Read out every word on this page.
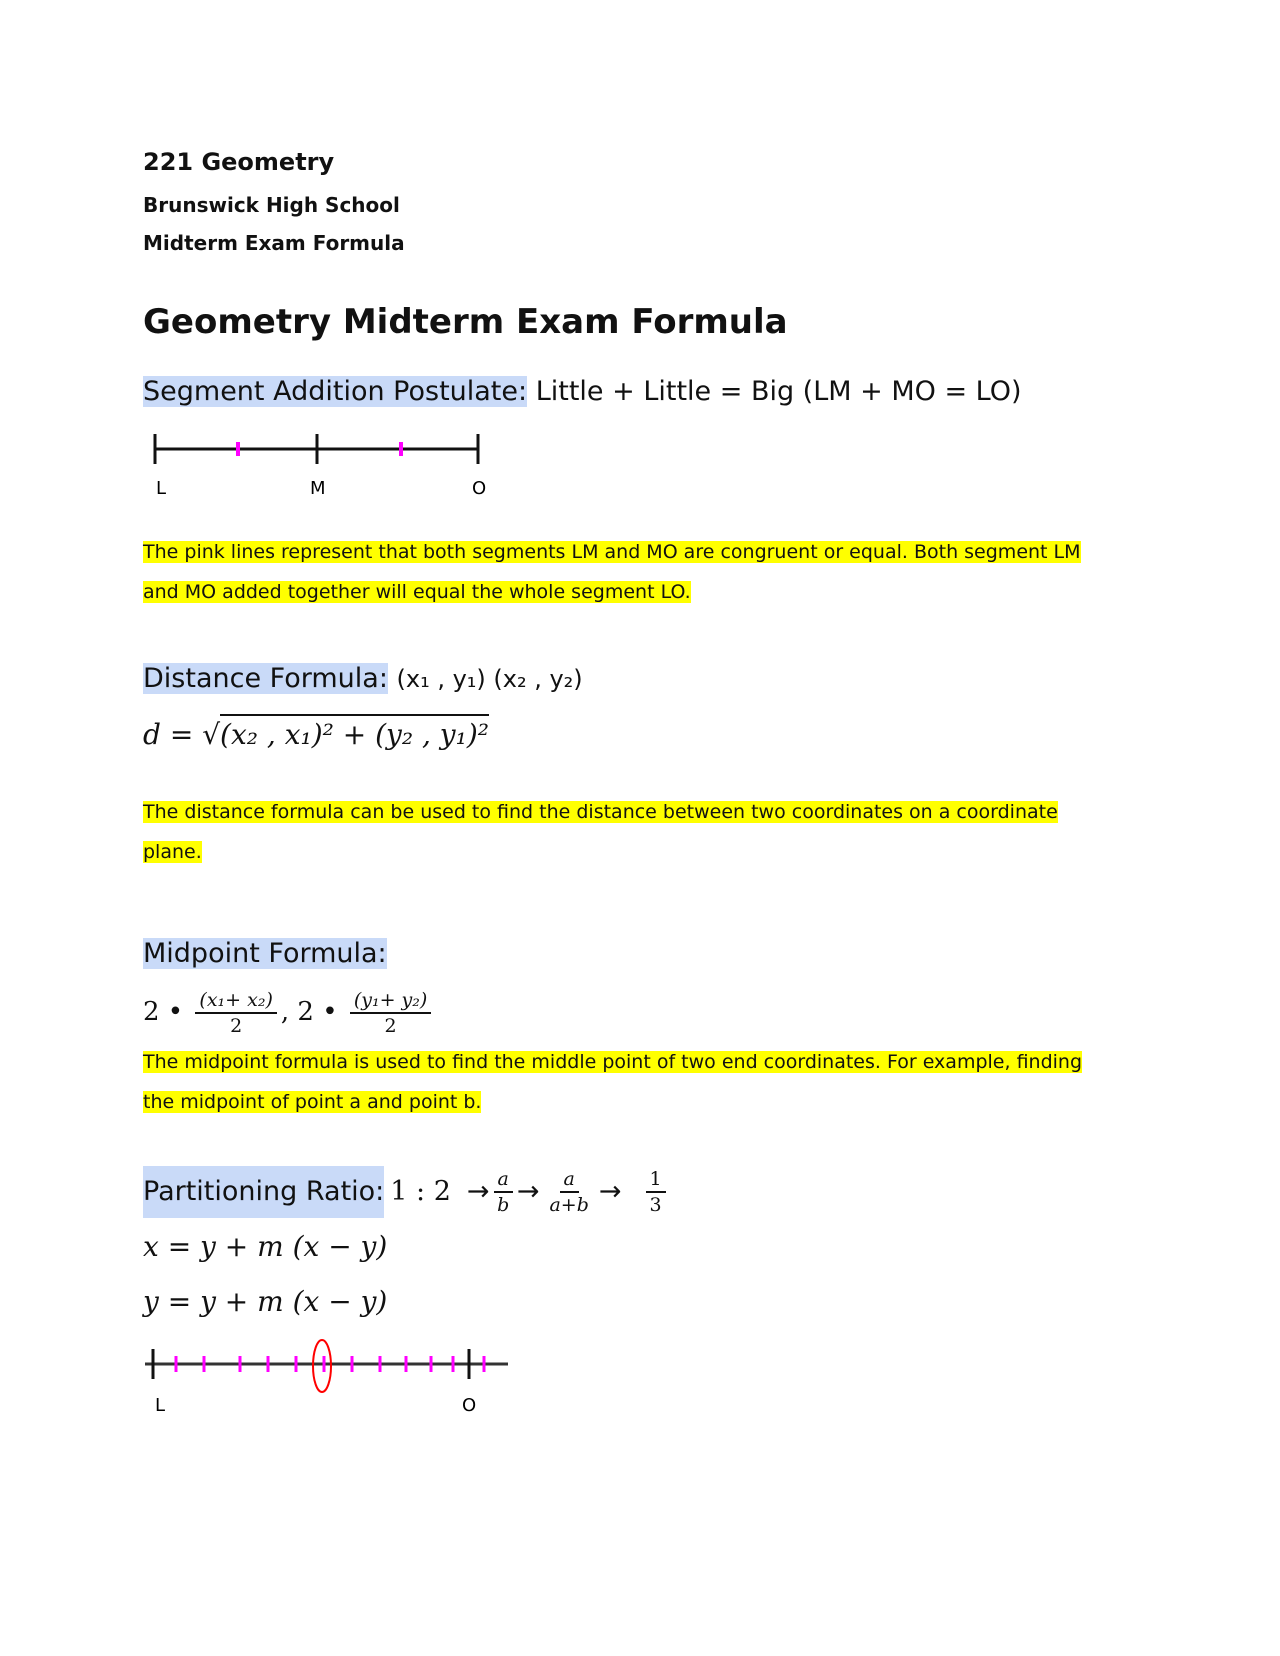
221 Geometry
Brunswick High School
Midterm Exam Formula
Geometry Midterm Exam Formula
Segment Addition Postulate: Little + Little = Big (LM + MO = LO)
L	M	O
The pink lines represent that both segments LM and MO are congruent or equal. Both segment LM
and MO added together will equal the whole segment LO.
Distance Formula: (x₁ , y₁) (x₂ , y₂)
d = √(x₂ , x₁)² + (y₂ , y₁)²
The distance formula can be used to find the distance between two coordinates on a coordinate
plane.
Midpoint Formula:
2 • $\frac{\text{(x₁+ x₂)}}{2}$ , 2 • $\frac{\text{(y₁+ y₂)}}{2}$
The midpoint formula is used to find the middle point of two end coordinates. For example, finding
the midpoint of point a and point b.
Partitioning Ratio: 1 : $2 \to \frac{a}{b} \to \frac{a}{a+b} \to \frac{1}{3}$
x = y + m (x − y)
y = y + m (x − y)
L	O
